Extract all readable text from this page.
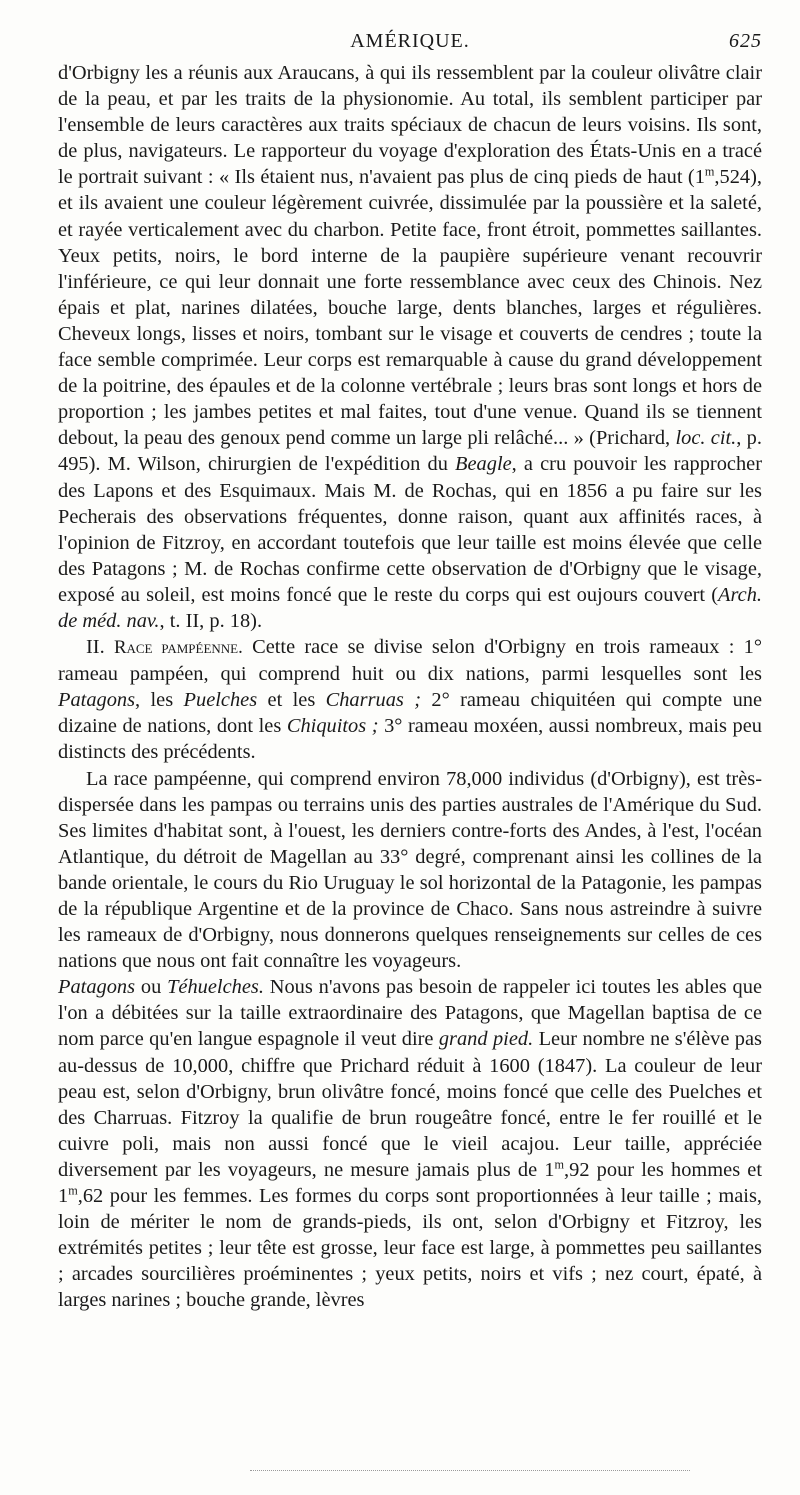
AMÉRIQUE.	625

d'Orbigny les a réunis aux Araucans, à qui ils ressemblent par la couleur olivâtre clair de la peau, et par les traits de la physionomie. Au total, ils semblent participer par l'ensemble de leurs caractères aux traits spéciaux de chacun de leurs voisins. Ils sont, de plus, navigateurs. Le rapporteur du voyage d'exploration des États-Unis en a tracé le portrait suivant : « Ils étaient nus, n'avaient pas plus de cinq pieds de haut (1$^m$,524), et ils avaient une couleur légèrement cuivrée, dissimulée par la poussière et la saleté, et rayée verticalement avec du charbon. Petite face, front étroit, pommettes saillantes. Yeux petits, noirs, le bord interne de la paupière supérieure venant recouvrir l'inférieure, ce qui leur donnait une forte ressemblance avec ceux des Chinois. Nez épais et plat, narines dilatées, bouche large, dents blanches, larges et régulières. Cheveux longs, lisses et noirs, tombant sur le visage et couverts de cendres ; toute la face semble comprimée. Leur corps est remarquable à cause du grand développement de la poitrine, des épaules et de la colonne vertébrale ; leurs bras sont longs et hors de proportion ; les jambes petites et mal faites, tout d'une venue. Quand ils se tiennent debout, la peau des genoux pend comme un large pli relâché... » (Prichard, loc. cit., p. 495). M. Wilson, chirurgien de l'expédition du Beagle, a cru pouvoir les rapprocher des Lapons et des Esquimaux. Mais M. de Rochas, qui en 1856 a pu faire sur les Pecherais des observations fréquentes, donne raison, quant aux affinités races, à l'opinion de Fitzroy, en accordant toutefois que leur taille est moins élevée que celle des Patagons ; M. de Rochas confirme cette observation de d'Orbigny que le visage, exposé au soleil, est moins foncé que le reste du corps qui est oujours couvert (Arch. de méd. nav., t. II, p. 18).

II. Race pampéenne. Cette race se divise selon d'Orbigny en trois rameaux : 1° rameau pampéen, qui comprend huit ou dix nations, parmi lesquelles sont les Patagons, les Puelches et les Charruas ; 2° rameau chiquitéen qui compte une dizaine de nations, dont les Chiquitos ; 3° rameau moxéen, aussi nombreux, mais peu distincts des précédents.

La race pampéenne, qui comprend environ 78,000 individus (d'Orbigny), est très-dispersée dans les pampas ou terrains unis des parties australes de l'Amérique du Sud. Ses limites d'habitat sont, à l'ouest, les derniers contre-forts des Andes, à l'est, l'océan Atlantique, du détroit de Magellan au 33° degré, comprenant ainsi les collines de la bande orientale, le cours du Rio Uruguay le sol horizontal de la Patagonie, les pampas de la république Argentine et de la province de Chaco. Sans nous astreindre à suivre les rameaux de d'Orbigny, nous donnerons quelques renseignements sur celles de ces nations que nous ont fait connaître les voyageurs.

Patagons ou Téhuelches. Nous n'avons pas besoin de rappeler ici toutes les ables que l'on a débitées sur la taille extraordinaire des Patagons, que Magellan baptisa de ce nom parce qu'en langue espagnole il veut dire grand pied. Leur nombre ne s'élève pas au-dessus de 10,000, chiffre que Prichard réduit à 1600 (1847). La couleur de leur peau est, selon d'Orbigny, brun olivâtre foncé, moins foncé que celle des Puelches et des Charruas. Fitzroy la qualifie de brun rougeâtre foncé, entre le fer rouillé et le cuivre poli, mais non aussi foncé que le vieil acajou. Leur taille, appréciée diversement par les voyageurs, ne mesure jamais plus de 1$^m$,92 pour les hommes et 1$^m$,62 pour les femmes. Les formes du corps sont proportionnées à leur taille ; mais, loin de mériter le nom de grands-pieds, ils ont, selon d'Orbigny et Fitzroy, les extrémités petites ; leur tête est grosse, leur face est large, à pommettes peu saillantes ; arcades sourcilières proéminentes ; yeux petits, noirs et vifs ; nez court, épaté, à larges narines ; bouche grande, lèvres
